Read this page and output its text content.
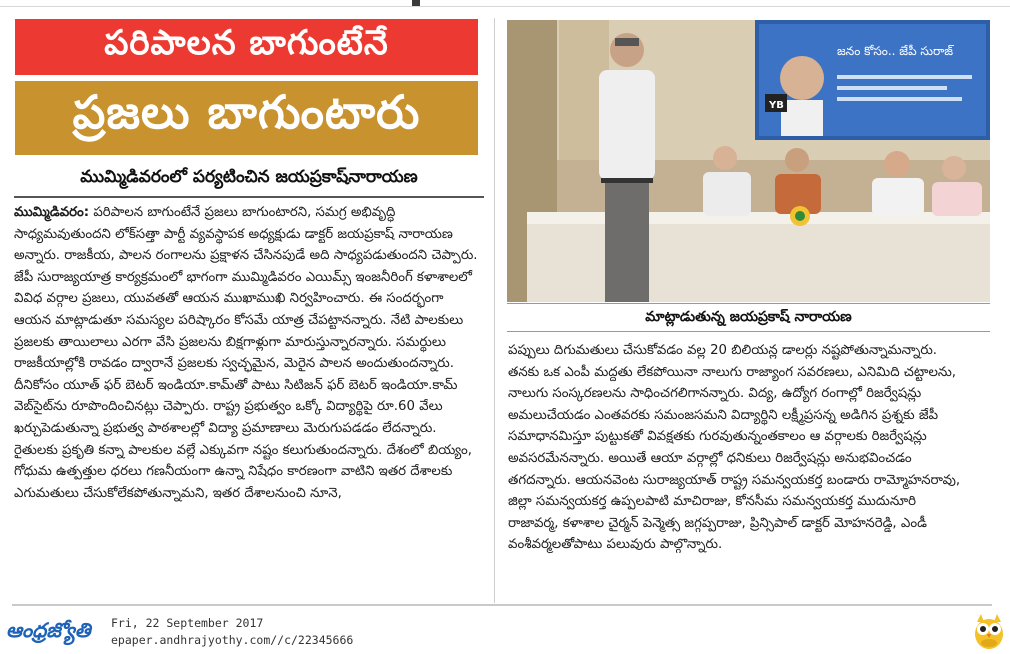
పరిపాలన బాగుంటేనే
ప్రజలు బాగుంటారు
ముమ్మిడివరంలో పర్యటించిన జయప్రకాష్‌నారాయణ

ముమ్మిడివరం: పరిపాలన బాగుంటేనే ప్రజలు బాగుంటారని, సమగ్ర అభివృద్ధి సాధ్యమవుతుందని లోక్‌సత్తా పార్టీ వ్యవస్థాపక అధ్యక్షుడు డాక్టర్ జయప్రకాష్ నారాయణ అన్నారు. రాజకీయ, పాలన రంగాలను ప్రక్షాళన చేసినపుడే అది సాధ్యపడుతుందని చెప్పారు. జేపీ సురాజ్యయాత్ర కార్యక్రమంలో భాగంగా ముమ్మిడివరం ఎయిమ్స్ ఇంజనీరింగ్ కళాశాలలో వివిధ వర్గాల ప్రజలు, యువతతో ఆయన ముఖాముఖి నిర్వహించారు. ఈ సందర్భంగా ఆయన మాట్లాడుతూ సమస్యల పరిష్కారం కోసమే యాత్ర చేపట్టానన్నారు. నేటి పాలకులు ప్రజలకు తాయిలాలు ఎరగా వేసి ప్రజలను బిక్షగాళ్లుగా మారుస్తున్నారన్నారు. సమర్థులు రాజకీయాల్లోకి రావడం ద్వారానే ప్రజలకు స్వచ్ఛమైన, మెరైన పాలన అందుతుందన్నారు. దీనికోసం యూత్ ఫర్ బెటర్ ఇండియా.కామ్‌తో పాటు సిటిజన్ ఫర్ బెటర్ ఇండియా.కామ్ వెబ్‌సైట్‌ను రూపొందించినట్లు చెప్పారు. రాష్ట్ర ప్రభుత్వం ఒక్కో విద్యార్థిపై రూ.60 వేలు ఖర్చుపెడుతున్నా ప్రభుత్వ పాఠశాలల్లో విద్యా ప్రమాణాలు మెరుగుపడడం లేదన్నారు. రైతులకు ప్రకృతి కన్నా పాలకుల వల్లే ఎక్కువగా నష్టం కలుగుతుందన్నారు. దేశంలో బియ్యం, గోధుమ ఉత్పత్తుల ధరలు గణనీయంగా ఉన్నా నిషేధం కారణంగా వాటిని ఇతర దేశాలకు ఎగుమతులు చేసుకోలేకపోతున్నామని, ఇతర దేశాలనుంచి నూనె,

YB
జనం కోసం.. జేపీ సురాజ్
మాట్లాడుతున్న జయప్రకాష్ నారాయణ

పప్పులు దిగుమతులు చేసుకోవడం వల్ల 20 బిలియన్ల డాలర్లు నష్టపోతున్నామన్నారు. తనకు ఒక ఎంపీ మద్దతు లేకపోయినా నాలుగు రాజ్యాంగ సవరణలు, ఎనిమిది చట్టాలను, నాలుగు సంస్కరణలను సాధించగలిగానన్నారు. విద్య, ఉద్యోగ రంగాల్లో రిజర్వేషన్లు అమలుచేయడం ఎంతవరకు సమంజసమని విద్యార్థిని లక్ష్మీప్రసన్న అడిగిన ప్రశ్నకు జేపీ సమాధానమిస్తూ పుట్టుకతో వివక్షతకు గురవుతున్నంతకాలం ఆ వర్గాలకు రిజర్వేషన్లు అవసరమేనన్నారు. అయితే ఆయా వర్గాల్లో ధనికులు రిజర్వేషన్లు అనుభవించడం తగదన్నారు. ఆయనవెంట సురాజ్యయాత్ రాష్ట్ర సమన్వయకర్త బండారు రామ్మోహనరావు, జిల్లా సమన్వయకర్త ఉప్పలపాటి మాచిరాజు, కోనసీమ సమన్వయకర్త ముదునూరి రాజావర్మ, కళాశాల చైర్మన్ పెన్మెత్స జగ్గప్పరాజు, ప్రిన్సిపాల్ డాక్టర్ మోహనరెడ్డి, ఎండీ వంశీవర్మలతోపాటు పలువురు పాల్గొన్నారు.

ఆంధ్రజ్యోతి	Fri, 22 September 2017
epaper.andhrajyothy.com//c/22345666
